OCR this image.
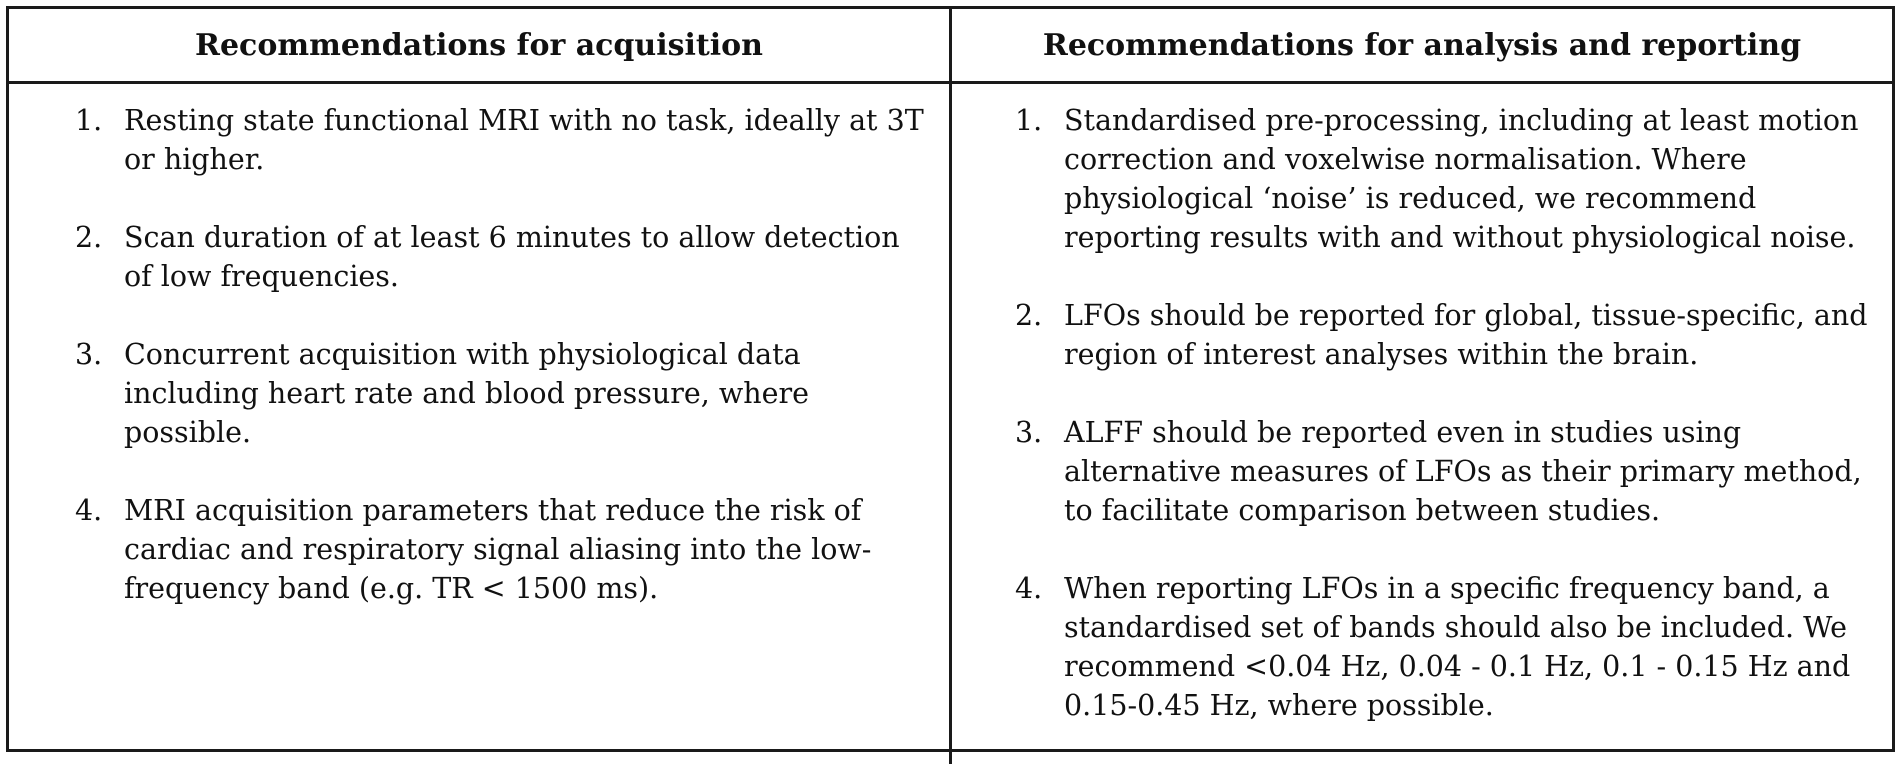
Recommendations for acquisition	Recommendations for analysis and reporting
1. Resting state functional MRI with no task, ideally at 3T or higher.
2. Scan duration of at least 6 minutes to allow detection of low frequencies.
3. Concurrent acquisition with physiological data including heart rate and blood pressure, where possible.
4. MRI acquisition parameters that reduce the risk of cardiac and respiratory signal aliasing into the low-frequency band (e.g. TR < 1500 ms).
1. Standardised pre-processing, including at least motion correction and voxelwise normalisation. Where physiological ‘noise’ is reduced, we recommend reporting results with and without physiological noise.
2. LFOs should be reported for global, tissue-specific, and region of interest analyses within the brain.
3. ALFF should be reported even in studies using alternative measures of LFOs as their primary method, to facilitate comparison between studies.
4. When reporting LFOs in a specific frequency band, a standardised set of bands should also be included. We recommend <0.04 Hz, 0.04 - 0.1 Hz, 0.1 - 0.15 Hz and 0.15-0.45 Hz, where possible.
